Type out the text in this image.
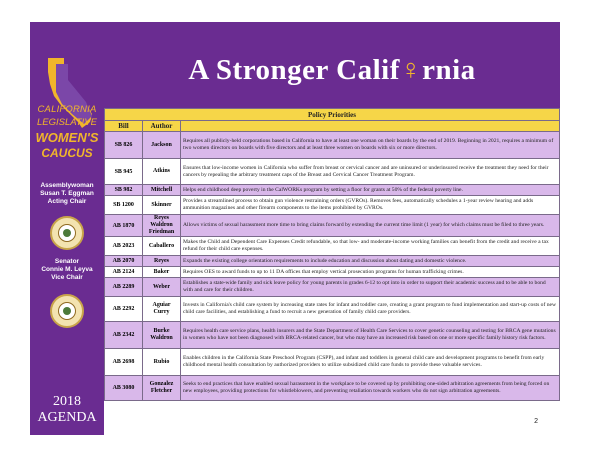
CALIFORNIA
LEGISLATIVE
WOMEN'S
CAUCUS
Assemblywoman
Susan T. Eggman
Acting Chair
Senator
Connie M. Leyva
Vice Chair
2018
AGENDA
A Stronger Calif♀rnia
Policy Priorities		
Bill	Author	
SB 826	Jackson	Requires all publicly-held corporations based in California to have at least one woman on their boards by the end of 2019. Beginning in 2021, requires a minimum of two women directors on boards with five directors and at least three women on boards with six or more directors.
SB 945	Atkins	Ensures that low-income women in California who suffer from breast or cervical cancer and are uninsured or underinsured receive the treatment they need for their cancers by repealing the arbitrary treatment caps of the Breast and Cervical Cancer Treatment Program.
SB 982	Mitchell	Helps end childhood deep poverty in the CalWORKs program by setting a floor for grants at 50% of the federal poverty line.
SB 1200	Skinner	Provides a streamlined process to obtain gun violence restraining orders (GVROs). Removes fees, automatically schedules a 1-year review hearing and adds ammunition magazines and other firearm components to the items prohibited by GVROs.
AB 1870	Reyes Waldron Friedman	Allows victims of sexual harassment more time to bring claims forward by extending the current time limit (1 year) for which claims must be filed to three years.
AB 2023	Caballero	Makes the Child and Dependent Care Expenses Credit refundable, so that low- and moderate-income working families can benefit from the credit and receive a tax refund for their child care expenses.
AB 2070	Reyes	Expands the existing college orientation requirements to include education and discussion about dating and domestic violence.
AB 2124	Baker	Requires OES to award funds to up to 11 DA offices that employ vertical prosecution programs for human trafficking crimes.
AB 2289	Weber	Establishes a state-wide family and sick leave policy for young parents in grades 6-12 to opt into in order to support their academic success and to be able to bond with and care for their children.
AB 2292	Aguiar Curry	Invests in California's child care system by increasing state rates for infant and toddler care, creating a grant program to fund implementation and start-up costs of new child care facilities, and establishing a fund to recruit a new generation of family child care providers.
AB 2342	Burke Waldron	Requires health care service plans, health insurers and the State Department of Health Care Services to cover genetic counseling and testing for BRCA gene mutations in women who have not been diagnosed with BRCA-related cancer, but who may have an increased risk based on one or more specific family history risk factors.
AB 2698	Rubio	Enables children in the California State Preschool Program (CSPP), and infant and toddlers in general child care and development programs to benefit from early childhood mental health consultation by authorized providers to utilize subsidized child care funds to provide these valuable services.
AB 3080	Gonzalez Fletcher	Seeks to end practices that have enabled sexual harassment in the workplace to be covered up by prohibiting one-sided arbitration agreements from being forced on new employees, providing protections for whistleblowers, and preventing retaliation towards workers who do not sign arbitration agreements.
2
